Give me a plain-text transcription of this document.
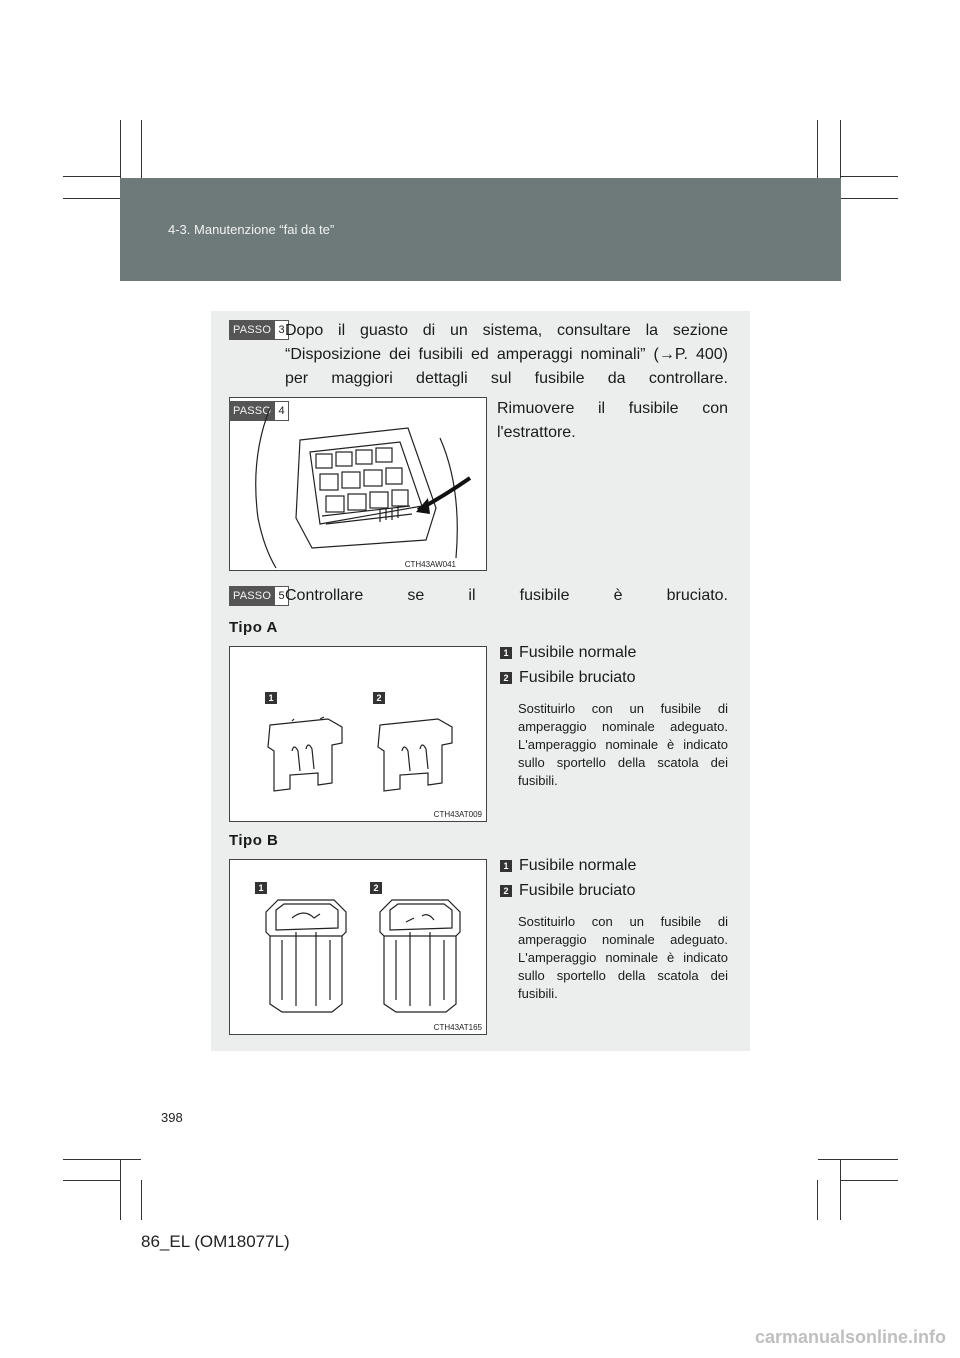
4-3. Manutenzione “fai da te”
PASSO 3 Dopo il guasto di un sistema, consultare la sezione “Disposizione dei fusibili ed amperaggi nominali” (→P. 400) per maggiori dettagli sul fusibile da controllare.
PASSO 4
CTH43AW041
Rimuovere il fusibile con l'estrattore.
PASSO 5 Controllare se il fusibile è bruciato.
Tipo A
1	2
CTH43AT009
1 Fusibile normale
2 Fusibile bruciato
Sostituirlo con un fusibile di amperaggio nominale adeguato. L'amperaggio nominale è indicato sullo sportello della scatola dei fusibili.
Tipo B
1	2
CTH43AT165
1 Fusibile normale
2 Fusibile bruciato
Sostituirlo con un fusibile di amperaggio nominale adeguato. L'amperaggio nominale è indicato sullo sportello della scatola dei fusibili.
398
86_EL (OM18077L)
carmanualsonline.info
